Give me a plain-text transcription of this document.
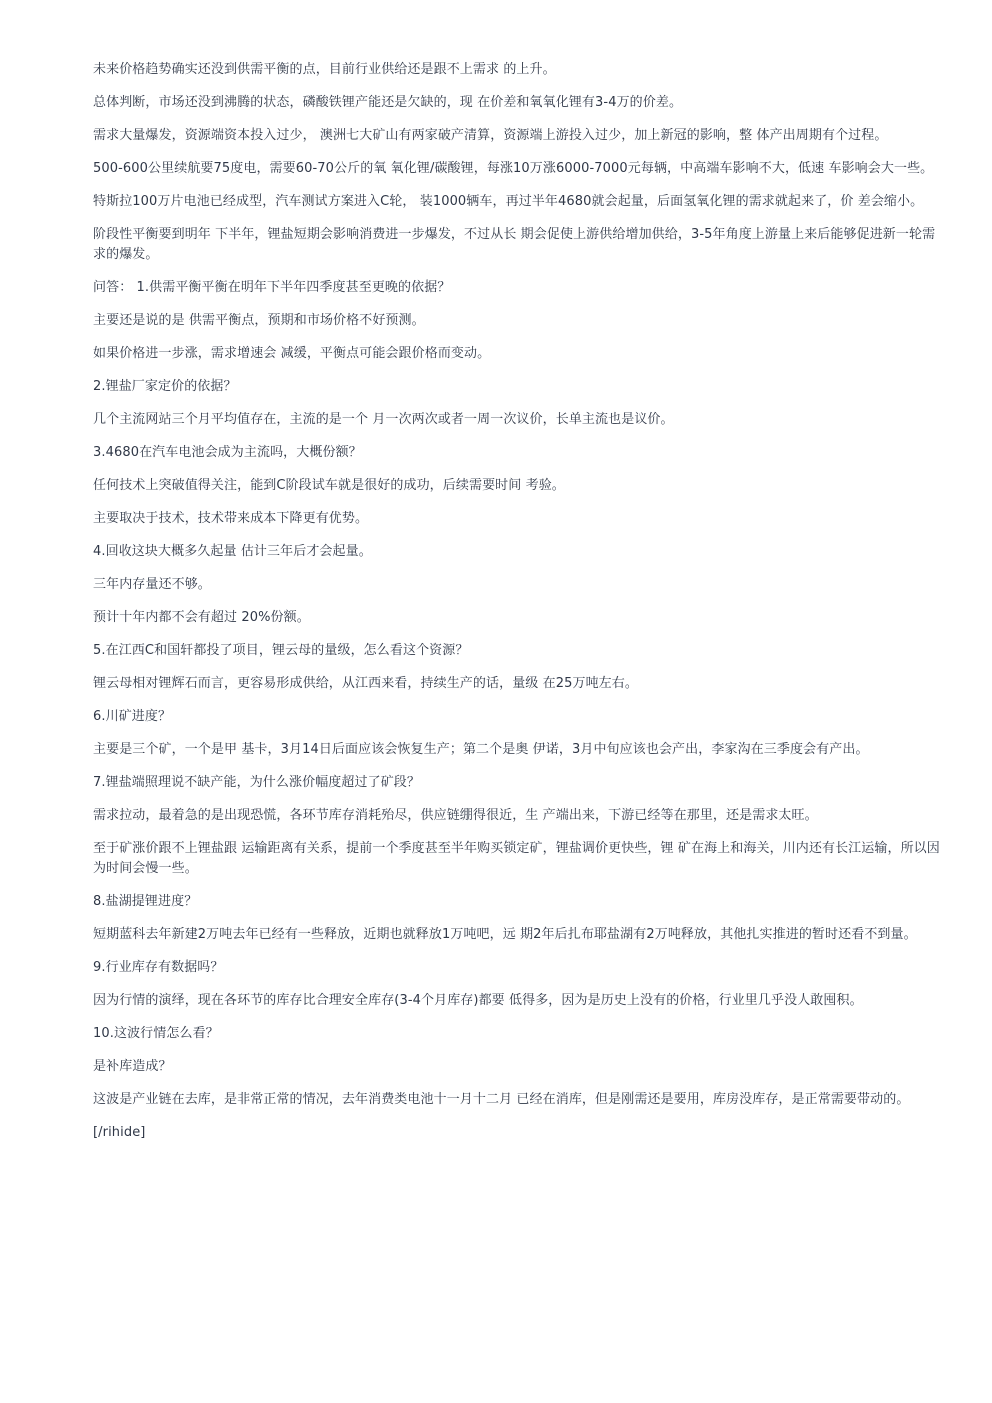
未来价格趋势确实还没到供需平衡的点，目前行业供给还是跟不上需求 的上升。

总体判断，市场还没到沸腾的状态，磷酸铁锂产能还是欠缺的，现 在价差和氧氧化锂有3-4万的价差。

需求大量爆发，资源端资本投入过少， 澳洲七大矿山有两家破产清算，资源端上游投入过少，加上新冠的影响，整 体产出周期有个过程。

500-600公里续航要75度电，需要60-70公斤的氧 氧化锂/碳酸锂，每涨10万涨6000-7000元每辆，中高端车影响不大，低速 车影响会大一些。

特斯拉100万片电池已经成型，汽车测试方案进入C轮， 装1000辆车，再过半年4680就会起量，后面氢氧化锂的需求就起来了，价 差会缩小。

阶段性平衡要到明年 下半年，锂盐短期会影响消费进一步爆发，不过从长 期会促使上游供给增加供给，3-5年角度上游量上来后能够促进新一轮需 求的爆发。

问答： 1.供需平衡平衡在明年下半年四季度甚至更晚的依据？

主要还是说的是 供需平衡点，预期和市场价格不好预测。

如果价格进一步涨，需求增速会 减缓，平衡点可能会跟价格而变动。

2.锂盐厂家定价的依据？

几个主流网站三个月平均值存在，主流的是一个 月一次两次或者一周一次议价，长单主流也是议价。

3.4680在汽车电池会成为主流吗，大概份额？

任何技术上突破值得关注，能到C阶段试车就是很好的成功，后续需要时间 考验。

主要取决于技术，技术带来成本下降更有优势。

4.回收这块大概多久起量 估计三年后才会起量。

三年内存量还不够。

预计十年内都不会有超过 20%份额。

5.在江西C和国轩都投了项目，锂云母的量级，怎么看这个资源？

锂云母相对锂辉石而言，更容易形成供给，从江西来看，持续生产的话，量级 在25万吨左右。

6.川矿进度？

主要是三个矿，一个是甲 基卡，3月14日后面应该会恢复生产；第二个是奥 伊诺，3月中旬应该也会产出，李家沟在三季度会有产出。

7.锂盐端照理说不缺产能，为什么涨价幅度超过了矿段？

需求拉动，最着急的是出现恐慌，各环节库存消耗殆尽，供应链绷得很近，生 产端出来，下游已经等在那里，还是需求太旺。

至于矿涨价跟不上锂盐跟 运输距离有关系，提前一个季度甚至半年购买锁定矿，锂盐调价更快些，锂 矿在海上和海关，川内还有长江运输，所以因为时间会慢一些。

8.盐湖提锂进度？

短期蓝科去年新建2万吨去年已经有一些释放，近期也就释放1万吨吧，远 期2年后扎布耶盐湖有2万吨释放，其他扎实推进的暂时还看不到量。

9.行业库存有数据吗？

因为行情的演绎，现在各环节的库存比合理安全库存(3-4个月库存)都要 低得多，因为是历史上没有的价格，行业里几乎没人敢囤积。

10.这波行情怎么看？

是补库造成？

这波是产业链在去库，是非常正常的情况，去年消费类电池十一月十二月 已经在消库，但是刚需还是要用，库房没库存，是正常需要带动的。

[/rihide]
